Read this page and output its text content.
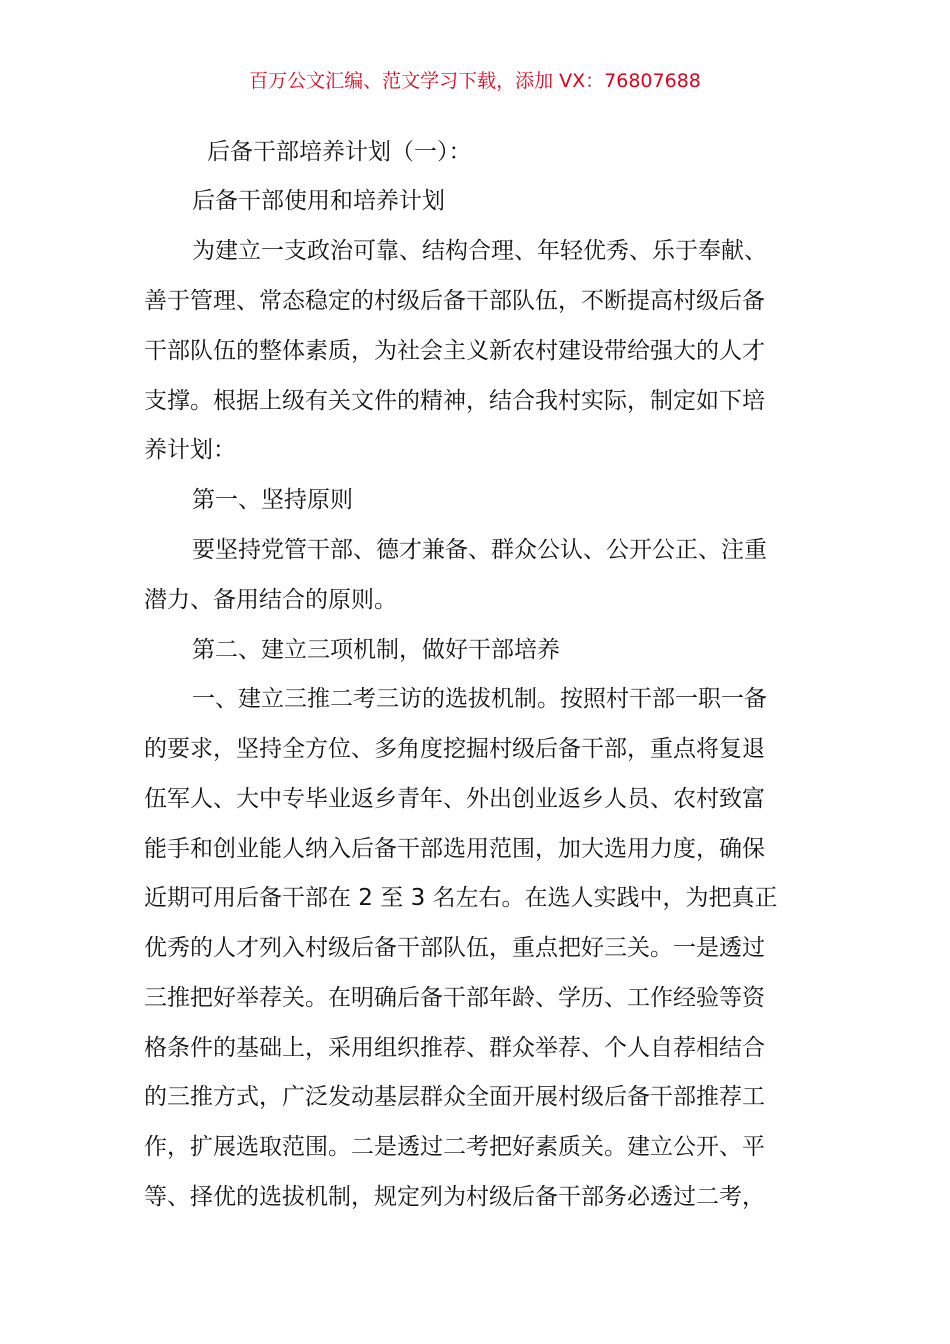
百万公文汇编、范文学习下载，添加 VX：76807688
后备干部培养计划（一）：
后备干部使用和培养计划
为建立一支政治可靠、结构合理、年轻优秀、乐于奉献、
善于管理、常态稳定的村级后备干部队伍，不断提高村级后备
干部队伍的整体素质，为社会主义新农村建设带给强大的人才
支撑。根据上级有关文件的精神，结合我村实际，制定如下培
养计划：
第一、坚持原则
要坚持党管干部、德才兼备、群众公认、公开公正、注重
潜力、备用结合的原则。
第二、建立三项机制，做好干部培养
一、建立三推二考三访的选拔机制。按照村干部一职一备
的要求，坚持全方位、多角度挖掘村级后备干部，重点将复退
伍军人、大中专毕业返乡青年、外出创业返乡人员、农村致富
能手和创业能人纳入后备干部选用范围，加大选用力度，确保
近期可用后备干部在 2 至 3 名左右。在选人实践中，为把真正
优秀的人才列入村级后备干部队伍，重点把好三关。一是透过
三推把好举荐关。在明确后备干部年龄、学历、工作经验等资
格条件的基础上，采用组织推荐、群众举荐、个人自荐相结合
的三推方式，广泛发动基层群众全面开展村级后备干部推荐工
作，扩展选取范围。二是透过二考把好素质关。建立公开、平
等、择优的选拔机制，规定列为村级后备干部务必透过二考，
